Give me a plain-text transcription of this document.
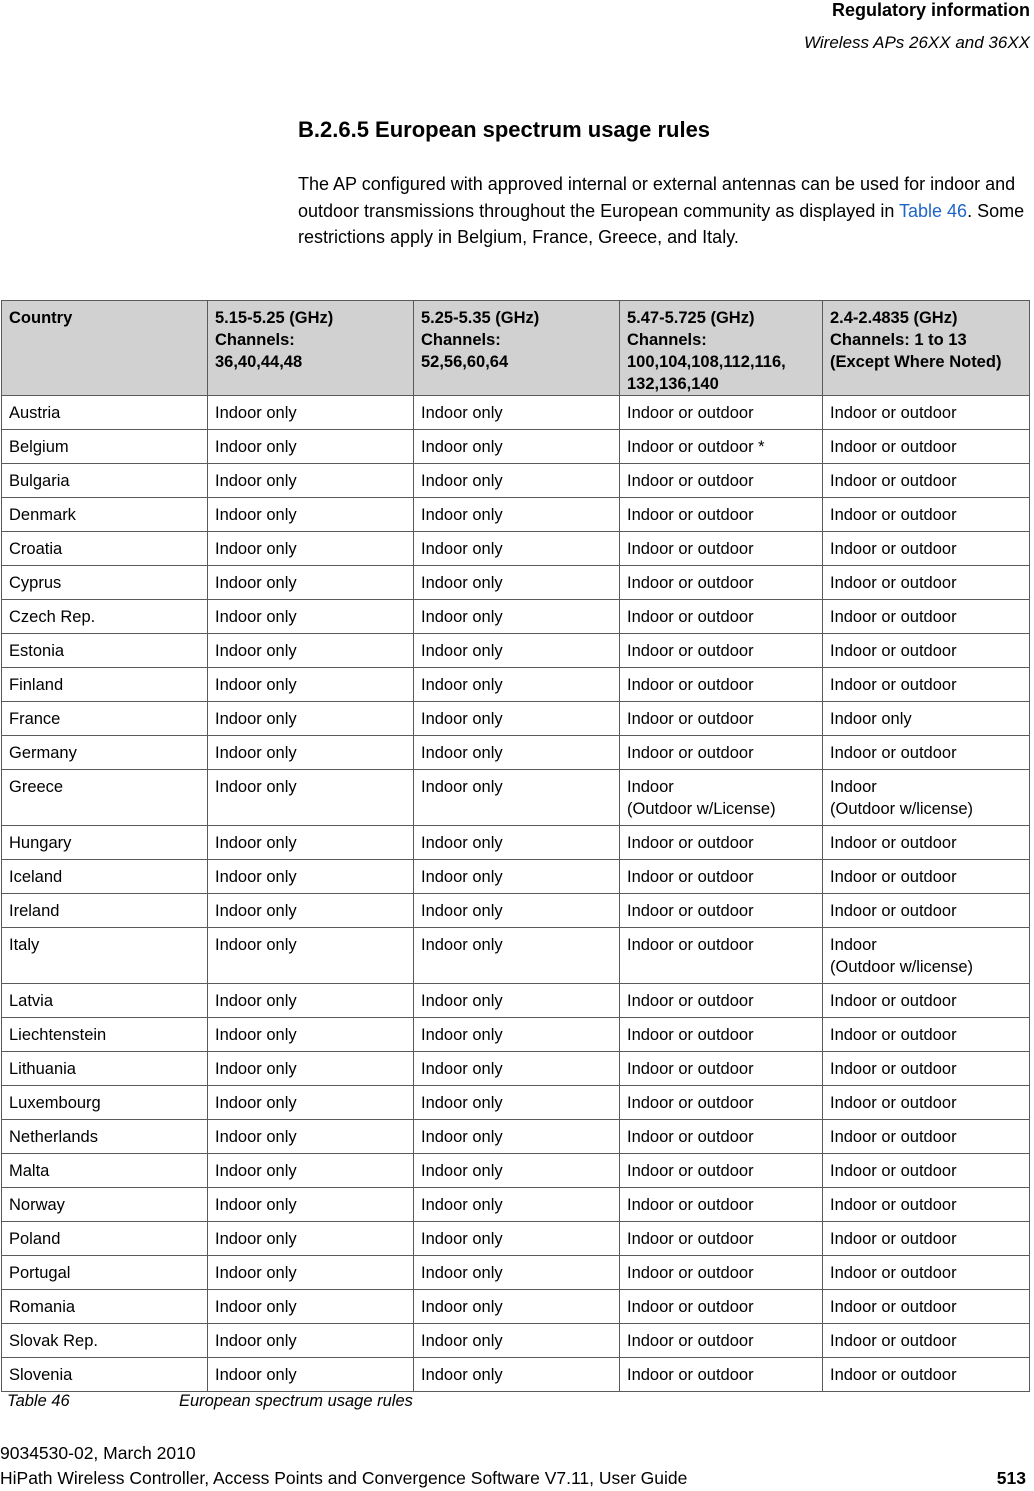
Regulatory information
Wireless APs 26XX and 36XX
B.2.6.5 European spectrum usage rules
The AP configured with approved internal or external antennas can be used for indoor and outdoor transmissions throughout the European community as displayed in Table 46. Some restrictions apply in Belgium, France, Greece, and Italy.
Country	5.15-5.25 (GHz)
Channels:
36,40,44,48	5.25-5.35 (GHz)
Channels:
52,56,60,64	5.47-5.725 (GHz)
Channels:
100,104,108,112,116,
132,136,140	2.4-2.4835 (GHz)
Channels: 1 to 13
(Except Where Noted)
Austria	Indoor only	Indoor only	Indoor or outdoor	Indoor or outdoor
Belgium	Indoor only	Indoor only	Indoor or outdoor *	Indoor or outdoor
Bulgaria	Indoor only	Indoor only	Indoor or outdoor	Indoor or outdoor
Denmark	Indoor only	Indoor only	Indoor or outdoor	Indoor or outdoor
Croatia	Indoor only	Indoor only	Indoor or outdoor	Indoor or outdoor
Cyprus	Indoor only	Indoor only	Indoor or outdoor	Indoor or outdoor
Czech Rep.	Indoor only	Indoor only	Indoor or outdoor	Indoor or outdoor
Estonia	Indoor only	Indoor only	Indoor or outdoor	Indoor or outdoor
Finland	Indoor only	Indoor only	Indoor or outdoor	Indoor or outdoor
France	Indoor only	Indoor only	Indoor or outdoor	Indoor only
Germany	Indoor only	Indoor only	Indoor or outdoor	Indoor or outdoor
Greece	Indoor only	Indoor only	Indoor
(Outdoor w/License)	Indoor
(Outdoor w/license)
Hungary	Indoor only	Indoor only	Indoor or outdoor	Indoor or outdoor
Iceland	Indoor only	Indoor only	Indoor or outdoor	Indoor or outdoor
Ireland	Indoor only	Indoor only	Indoor or outdoor	Indoor or outdoor
Italy	Indoor only	Indoor only	Indoor or outdoor	Indoor
(Outdoor w/license)
Latvia	Indoor only	Indoor only	Indoor or outdoor	Indoor or outdoor
Liechtenstein	Indoor only	Indoor only	Indoor or outdoor	Indoor or outdoor
Lithuania	Indoor only	Indoor only	Indoor or outdoor	Indoor or outdoor
Luxembourg	Indoor only	Indoor only	Indoor or outdoor	Indoor or outdoor
Netherlands	Indoor only	Indoor only	Indoor or outdoor	Indoor or outdoor
Malta	Indoor only	Indoor only	Indoor or outdoor	Indoor or outdoor
Norway	Indoor only	Indoor only	Indoor or outdoor	Indoor or outdoor
Poland	Indoor only	Indoor only	Indoor or outdoor	Indoor or outdoor
Portugal	Indoor only	Indoor only	Indoor or outdoor	Indoor or outdoor
Romania	Indoor only	Indoor only	Indoor or outdoor	Indoor or outdoor
Slovak Rep.	Indoor only	Indoor only	Indoor or outdoor	Indoor or outdoor
Slovenia	Indoor only	Indoor only	Indoor or outdoor	Indoor or outdoor
Table 46	European spectrum usage rules
9034530-02, March 2010
HiPath Wireless Controller, Access Points and Convergence Software V7.11, User Guide	513
